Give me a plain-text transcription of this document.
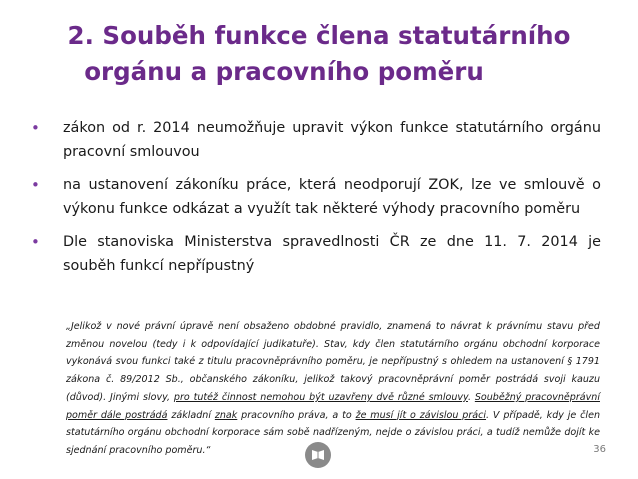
2. Souběh funkce člena statutárního
orgánu a pracovního poměru
• zákon od r. 2014 neumožňuje upravit výkon funkce statutárního orgánu pracovní smlouvou
• na ustanovení zákoníku práce, která neodporují ZOK, lze ve smlouvě o výkonu funkce odkázat a využít tak některé výhody pracovního poměru
• Dle stanoviska Ministerstva spravedlnosti ČR ze dne 11. 7. 2014 je souběh funkcí nepřípustný
„Jelikož v nové právní úpravě není obsaženo obdobné pravidlo, znamená to návrat k právnímu stavu před změnou novelou (tedy i k odpovídající judikatuře). Stav, kdy člen statutárního orgánu obchodní korporace vykonává svou funkci také z titulu pracovněprávního poměru, je nepřípustný s ohledem na ustanovení § 1791 zákona č. 89/2012 Sb., občanského zákoníku, jelikož takový pracovněprávní poměr postrádá svoji kauzu (důvod). Jinými slovy, pro tutéž činnost nemohou být uzavřeny dvě různé smlouvy. Souběžný pracovněprávní poměr dále postrádá základní znak pracovního práva, a to že musí jít o závislou práci. V případě, kdy je člen statutárního orgánu obchodní korporace sám sobě nadřízeným, nejde o závislou práci, a tudíž nemůže dojít ke sjednání pracovního poměru.“	36
